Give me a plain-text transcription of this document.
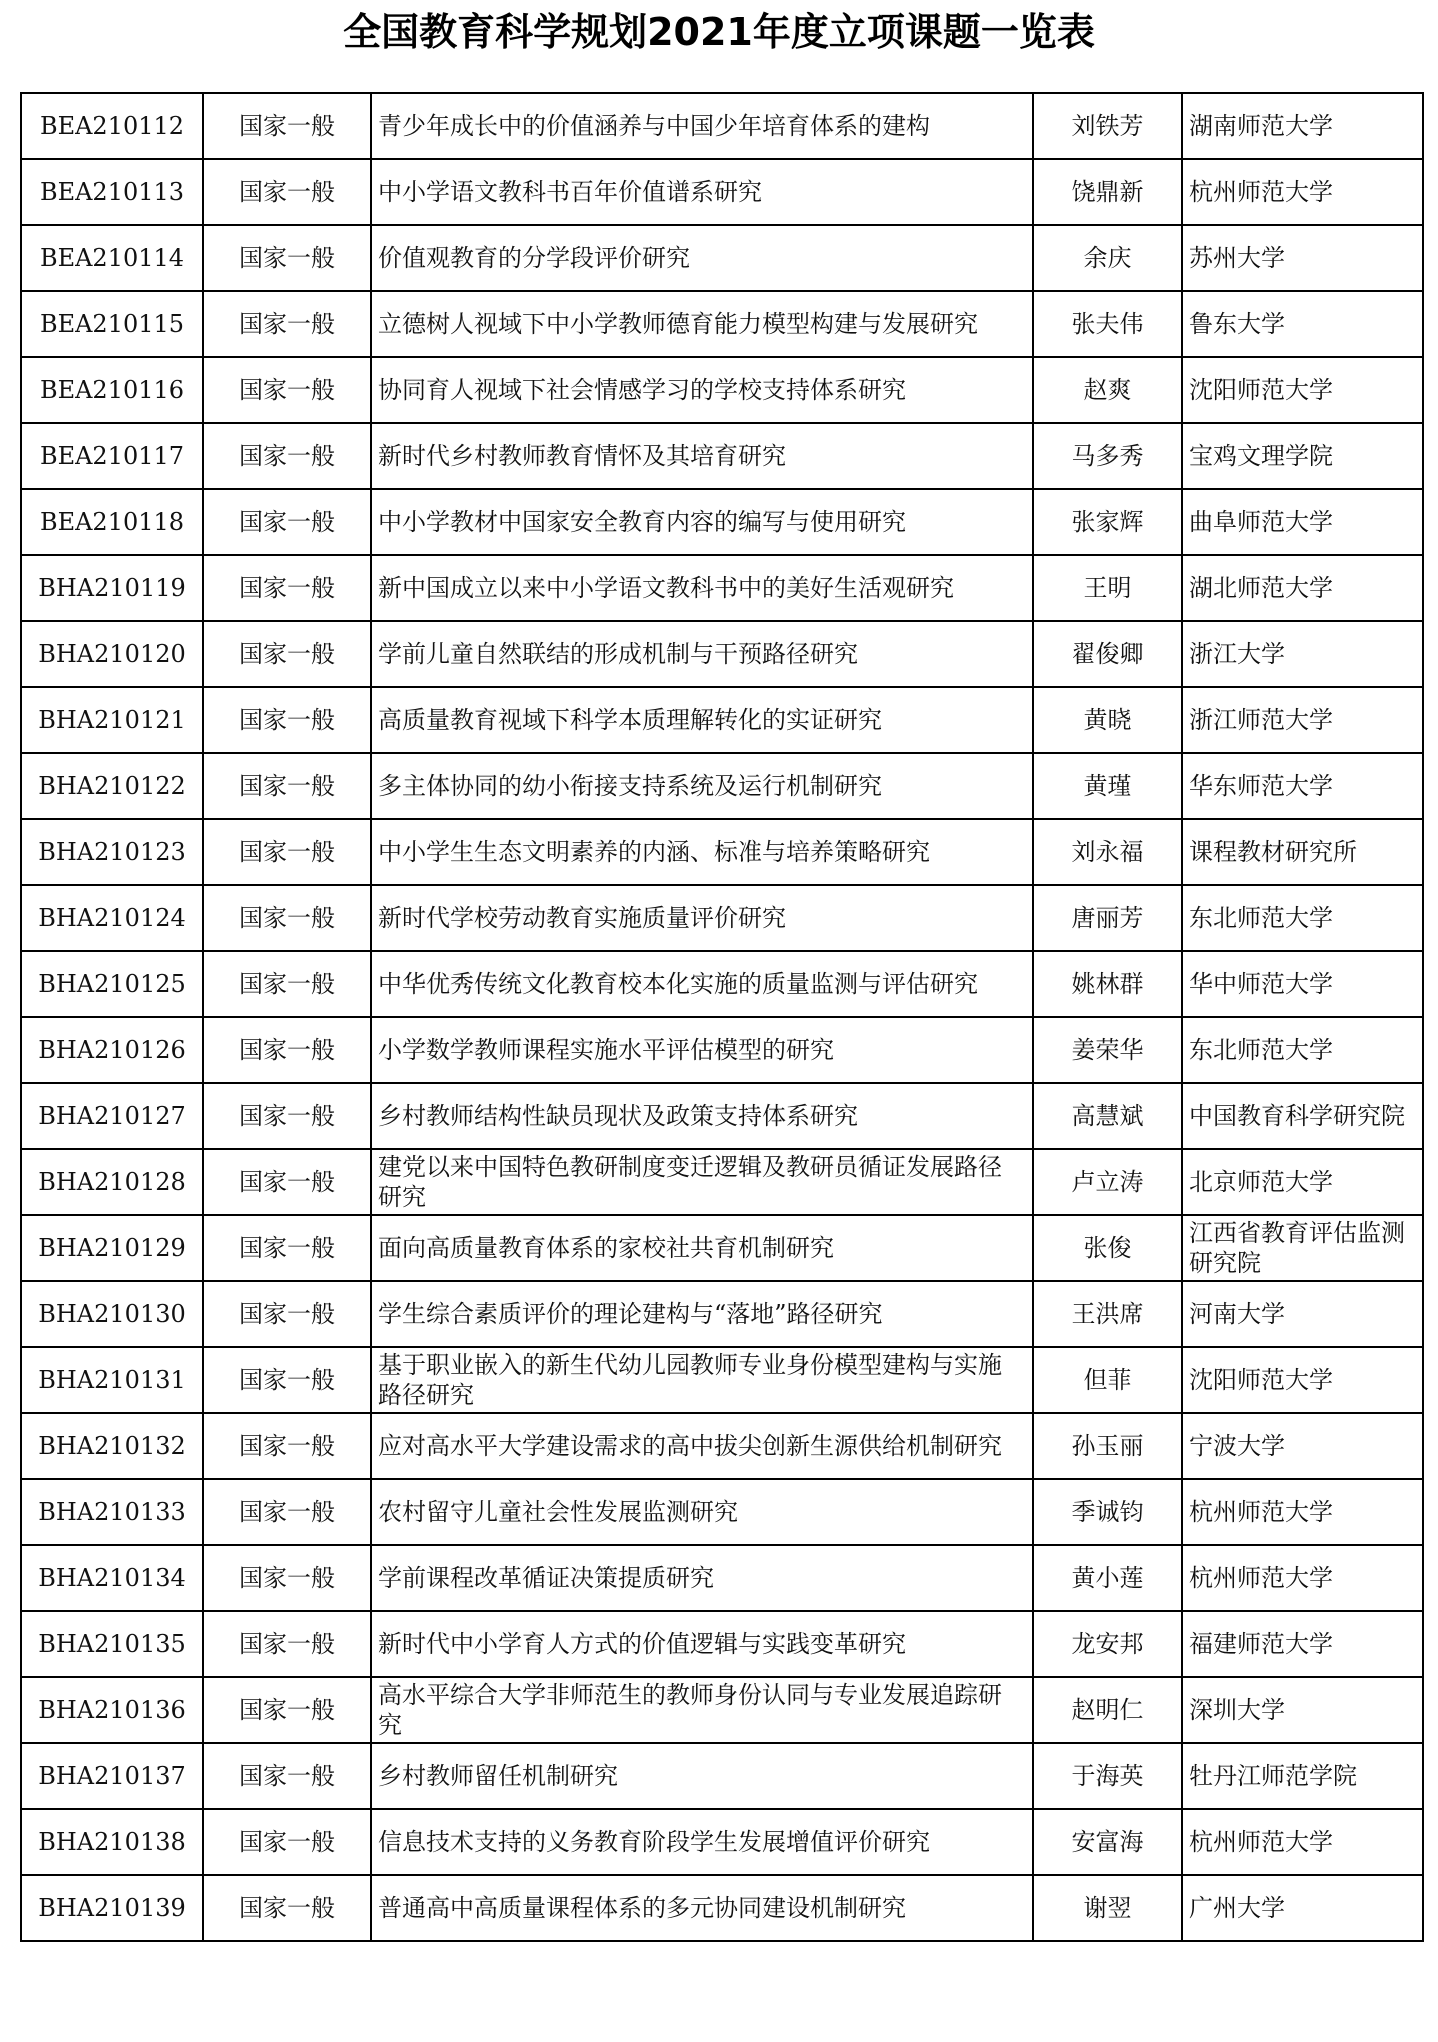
全国教育科学规划2021年度立项课题一览表
BEA210112	国家一般	青少年成长中的价值涵养与中国少年培育体系的建构	刘铁芳	湖南师范大学
BEA210113	国家一般	中小学语文教科书百年价值谱系研究	饶鼎新	杭州师范大学
BEA210114	国家一般	价值观教育的分学段评价研究	余庆	苏州大学
BEA210115	国家一般	立德树人视域下中小学教师德育能力模型构建与发展研究	张夫伟	鲁东大学
BEA210116	国家一般	协同育人视域下社会情感学习的学校支持体系研究	赵爽	沈阳师范大学
BEA210117	国家一般	新时代乡村教师教育情怀及其培育研究	马多秀	宝鸡文理学院
BEA210118	国家一般	中小学教材中国家安全教育内容的编写与使用研究	张家辉	曲阜师范大学
BHA210119	国家一般	新中国成立以来中小学语文教科书中的美好生活观研究	王明	湖北师范大学
BHA210120	国家一般	学前儿童自然联结的形成机制与干预路径研究	翟俊卿	浙江大学
BHA210121	国家一般	高质量教育视域下科学本质理解转化的实证研究	黄晓	浙江师范大学
BHA210122	国家一般	多主体协同的幼小衔接支持系统及运行机制研究	黄瑾	华东师范大学
BHA210123	国家一般	中小学生生态文明素养的内涵、标准与培养策略研究	刘永福	课程教材研究所
BHA210124	国家一般	新时代学校劳动教育实施质量评价研究	唐丽芳	东北师范大学
BHA210125	国家一般	中华优秀传统文化教育校本化实施的质量监测与评估研究	姚林群	华中师范大学
BHA210126	国家一般	小学数学教师课程实施水平评估模型的研究	姜荣华	东北师范大学
BHA210127	国家一般	乡村教师结构性缺员现状及政策支持体系研究	高慧斌	中国教育科学研究院
BHA210128	国家一般	建党以来中国特色教研制度变迁逻辑及教研员循证发展路径研究	卢立涛	北京师范大学
BHA210129	国家一般	面向高质量教育体系的家校社共育机制研究	张俊	江西省教育评估监测研究院
BHA210130	国家一般	学生综合素质评价的理论建构与“落地”路径研究	王洪席	河南大学
BHA210131	国家一般	基于职业嵌入的新生代幼儿园教师专业身份模型建构与实施路径研究	但菲	沈阳师范大学
BHA210132	国家一般	应对高水平大学建设需求的高中拔尖创新生源供给机制研究	孙玉丽	宁波大学
BHA210133	国家一般	农村留守儿童社会性发展监测研究	季诚钧	杭州师范大学
BHA210134	国家一般	学前课程改革循证决策提质研究	黄小莲	杭州师范大学
BHA210135	国家一般	新时代中小学育人方式的价值逻辑与实践变革研究	龙安邦	福建师范大学
BHA210136	国家一般	高水平综合大学非师范生的教师身份认同与专业发展追踪研究	赵明仁	深圳大学
BHA210137	国家一般	乡村教师留任机制研究	于海英	牡丹江师范学院
BHA210138	国家一般	信息技术支持的义务教育阶段学生发展增值评价研究	安富海	杭州师范大学
BHA210139	国家一般	普通高中高质量课程体系的多元协同建设机制研究	谢翌	广州大学
